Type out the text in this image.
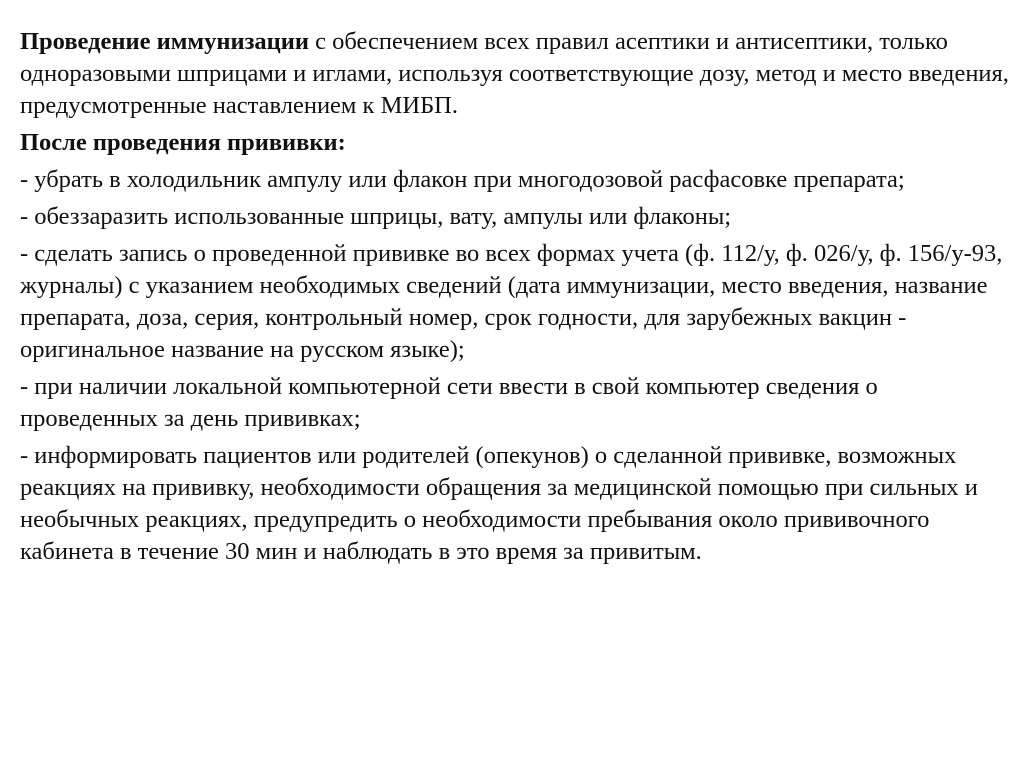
Проведение иммунизации с обеспечением всех правил асептики и антисептики, только одноразовыми шприцами и иглами, используя соответствующие дозу, метод и место введения, предусмотренные наставлением к МИБП.

После проведения прививки:

- убрать в холодильник ампулу или флакон при многодозовой расфасовке препарата;

- обеззаразить использованные шприцы, вату, ампулы или флаконы;

- сделать запись о проведенной прививке во всех формах учета (ф. 112/у, ф. 026/у, ф. 156/у-93, журналы) с указанием необходимых сведений (дата иммунизации, место введения, название препарата, доза, серия, контрольный номер, срок годности, для зарубежных вакцин - оригинальное название на русском языке);

- при наличии локальной компьютерной сети ввести в свой компьютер сведения о проведенных за день прививках;

- информировать пациентов или родителей (опекунов) о сделанной прививке, возможных реакциях на прививку, необходимости обращения за медицинской помощью при сильных и необычных реакциях, предупредить о необходимости пребывания около прививочного кабинета в течение 30 мин и наблюдать в это время за привитым.
